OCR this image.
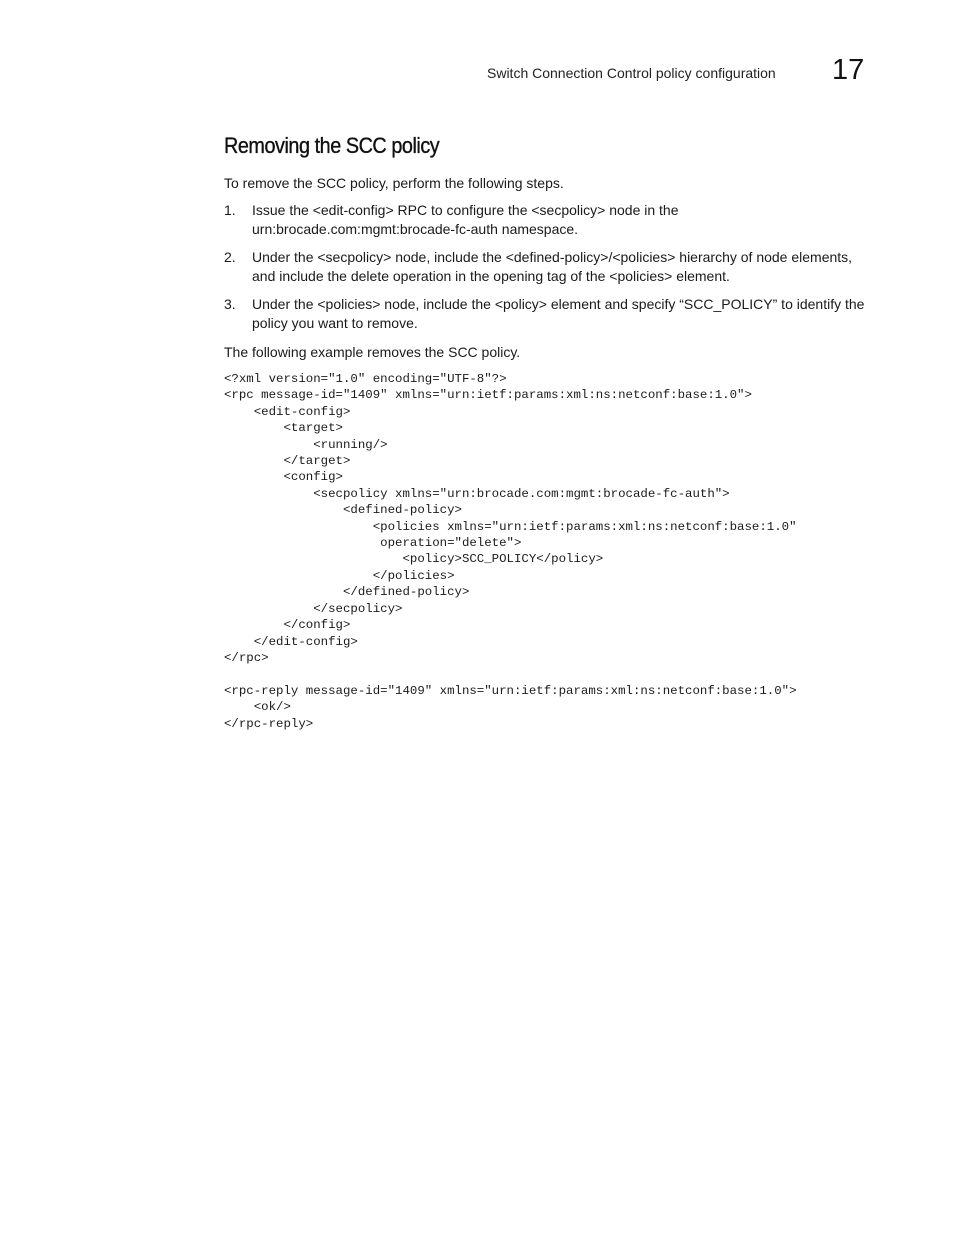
Switch Connection Control policy configuration 17
Removing the SCC policy

To remove the SCC policy, perform the following steps.

1. Issue the <edit-config> RPC to configure the <secpolicy> node in the urn:brocade.com:mgmt:brocade-fc-auth namespace.
2. Under the <secpolicy> node, include the <defined-policy>/<policies> hierarchy of node elements, and include the delete operation in the opening tag of the <policies> element.
3. Under the <policies> node, include the <policy> element and specify “SCC_POLICY” to identify the policy you want to remove.

The following example removes the SCC policy.

<?xml version="1.0" encoding="UTF-8"?>
<rpc message-id="1409" xmlns="urn:ietf:params:xml:ns:netconf:base:1.0">
<edit-config>
<target>
<running/>
</target>
<config>
<secpolicy xmlns="urn:brocade.com:mgmt:brocade-fc-auth">
<defined-policy>
<policies xmlns="urn:ietf:params:xml:ns:netconf:base:1.0"
operation="delete">
<policy>SCC_POLICY</policy>
</policies>
</defined-policy>
</secpolicy>
</config>
</edit-config>
</rpc>

<rpc-reply message-id="1409" xmlns="urn:ietf:params:xml:ns:netconf:base:1.0">
<ok/>
</rpc-reply>
